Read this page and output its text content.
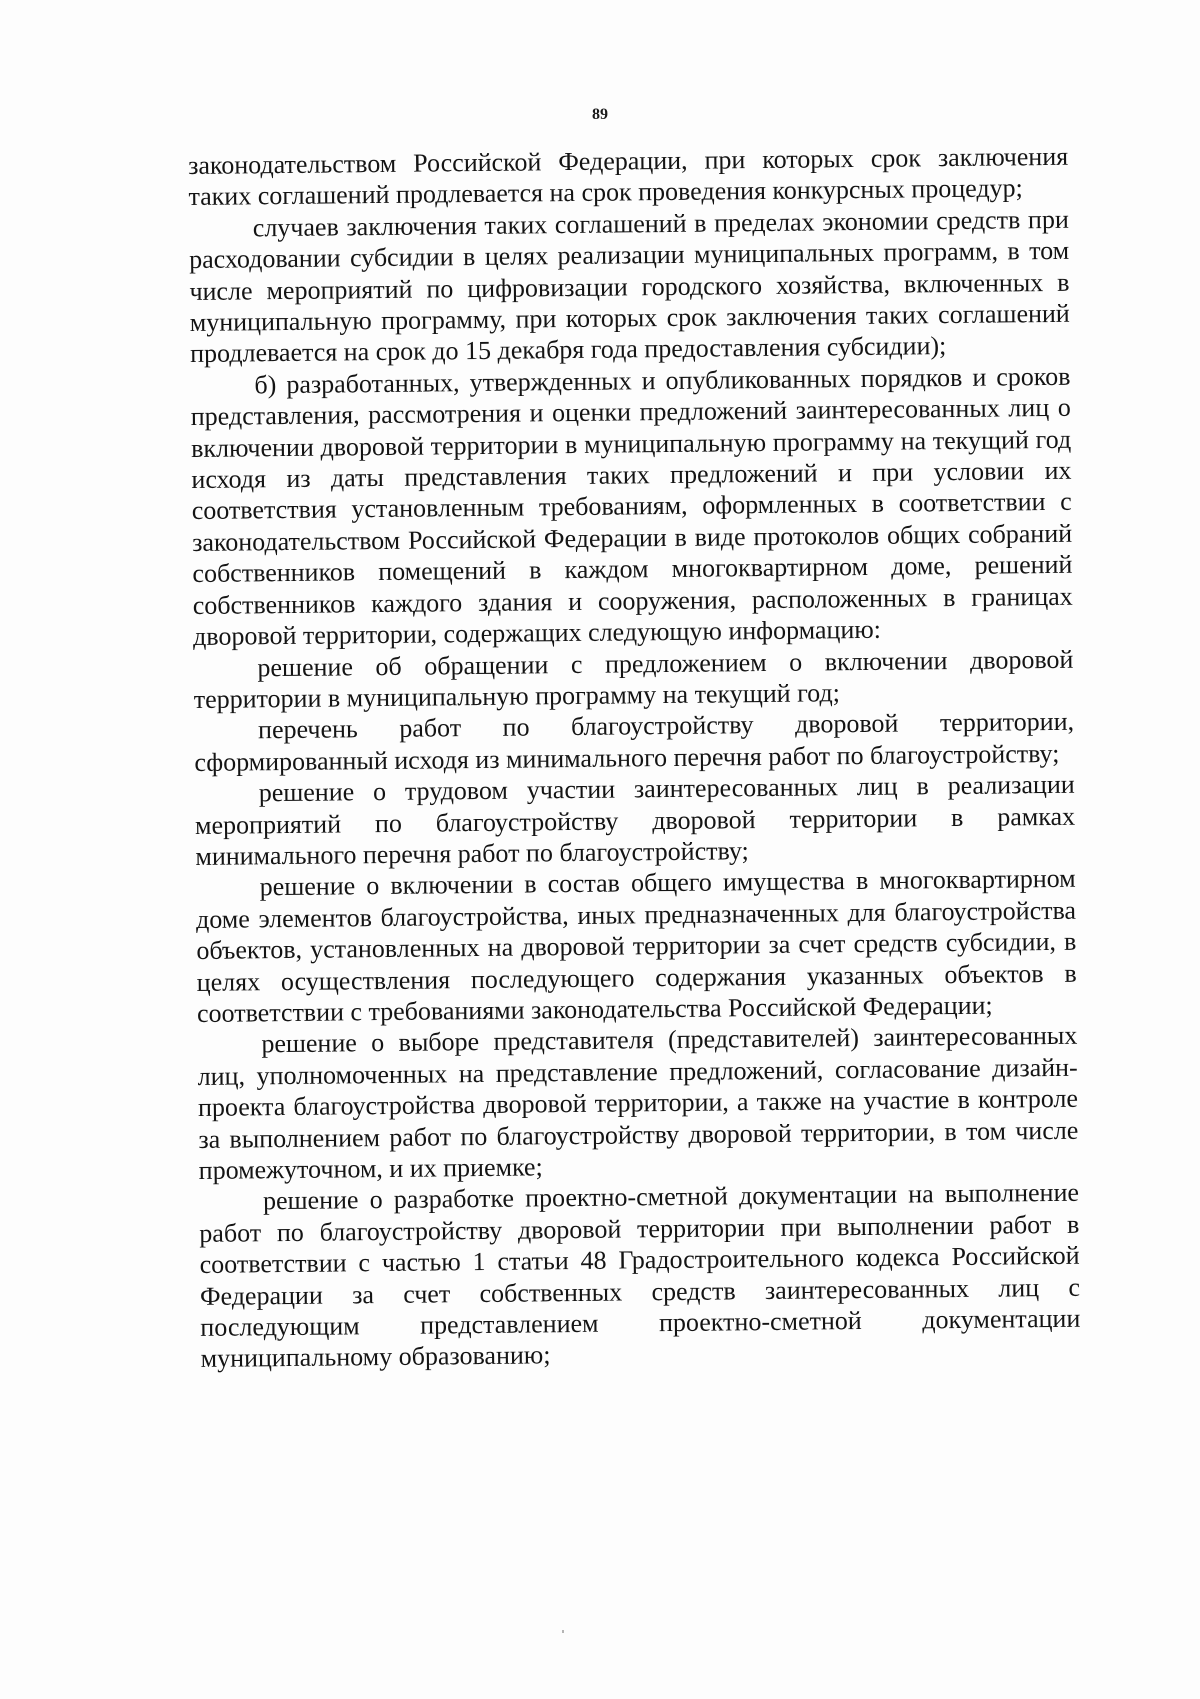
89

законодательством Российской Федерации, при которых срок заключения таких соглашений продлевается на срок проведения конкурсных процедур;

случаев заключения таких соглашений в пределах экономии средств при расходовании субсидии в целях реализации муниципальных программ, в том числе мероприятий по цифровизации городского хозяйства, включенных в муниципальную программу, при которых срок заключения таких соглашений продлевается на срок до 15 декабря года предоставления субсидии);

б) разработанных, утвержденных и опубликованных порядков и сроков представления, рассмотрения и оценки предложений заинтересованных лиц о включении дворовой территории в муниципальную программу на текущий год исходя из даты представления таких предложений и при условии их соответствия установленным требованиям, оформленных в соответствии с законодательством Российской Федерации в виде протоколов общих собраний собственников помещений в каждом многоквартирном доме, решений собственников каждого здания и сооружения, расположенных в границах дворовой территории, содержащих следующую информацию:

решение об обращении с предложением о включении дворовой территории в муниципальную программу на текущий год;

перечень работ по благоустройству дворовой территории, сформированный исходя из минимального перечня работ по благоустройству;

решение о трудовом участии заинтересованных лиц в реализации мероприятий по благоустройству дворовой территории в рамках минимального перечня работ по благоустройству;

решение о включении в состав общего имущества в многоквартирном доме элементов благоустройства, иных предназначенных для благоустройства объектов, установленных на дворовой территории за счет средств субсидии, в целях осуществления последующего содержания указанных объектов в соответствии с требованиями законодательства Российской Федерации;

решение о выборе представителя (представителей) заинтересованных лиц, уполномоченных на представление предложений, согласование дизайн-проекта благоустройства дворовой территории, а также на участие в контроле за выполнением работ по благоустройству дворовой территории, в том числе промежуточном, и их приемке;

решение о разработке проектно-сметной документации на выполнение работ по благоустройству дворовой территории при выполнении работ в соответствии с частью 1 статьи 48 Градостроительного кодекса Российской Федерации за счет собственных средств заинтересованных лиц с последующим представлением проектно-сметной документации муниципальному образованию;
